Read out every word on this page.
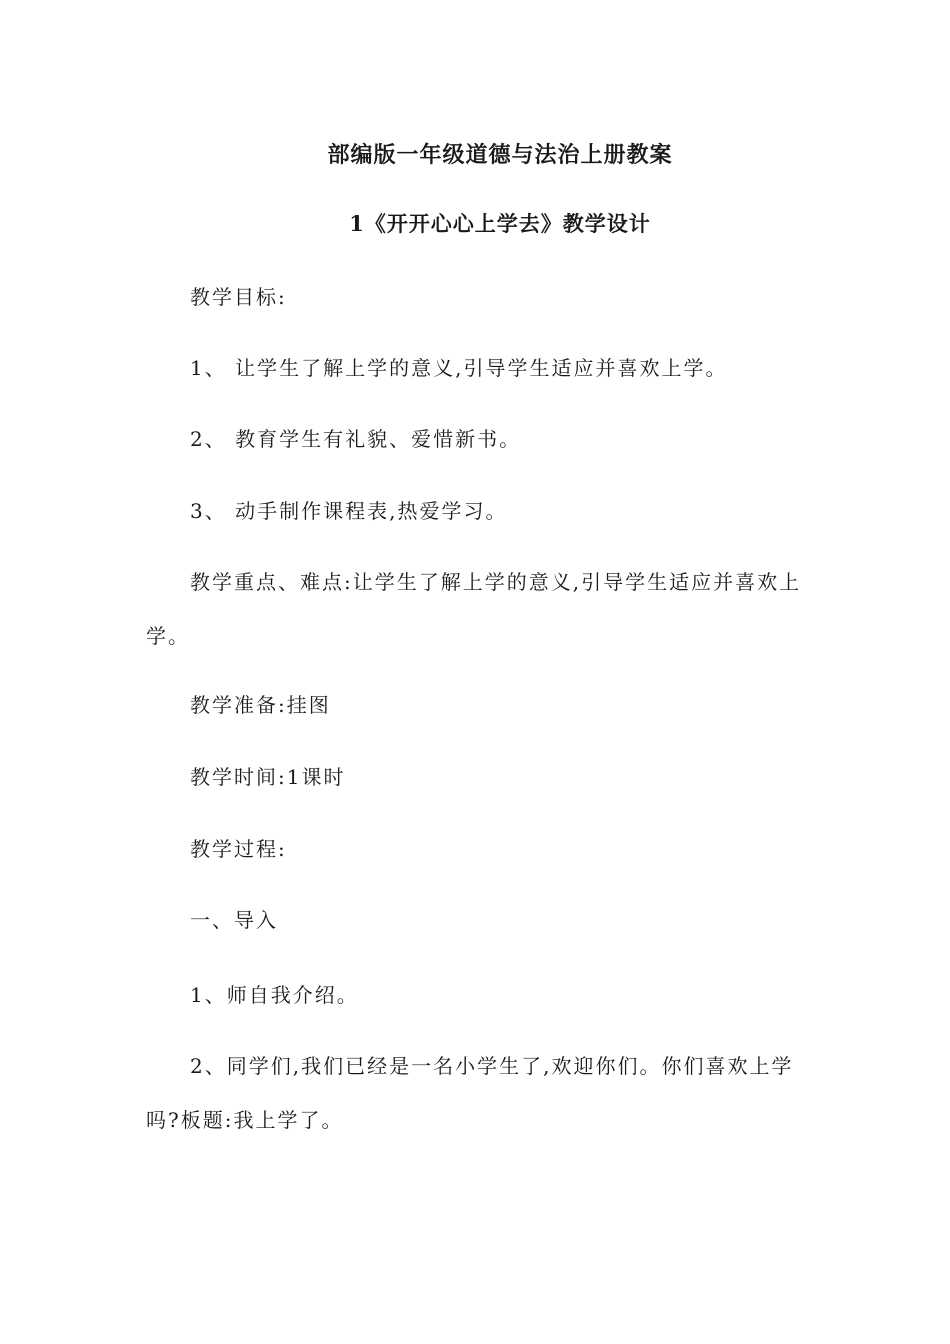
部编版一年级道德与法治上册教案
1《开开心心上学去》教学设计
教学目标:
1、 让学生了解上学的意义,引导学生适应并喜欢上学。
2、 教育学生有礼貌、爱惜新书。
3、 动手制作课程表,热爱学习。
教学重点、难点:让学生了解上学的意义,引导学生适应并喜欢上学。
教学准备:挂图
教学时间:1课时
教学过程:
一、导入
1、师自我介绍。
2、同学们,我们已经是一名小学生了,欢迎你们。你们喜欢上学吗?板题:我上学了。
